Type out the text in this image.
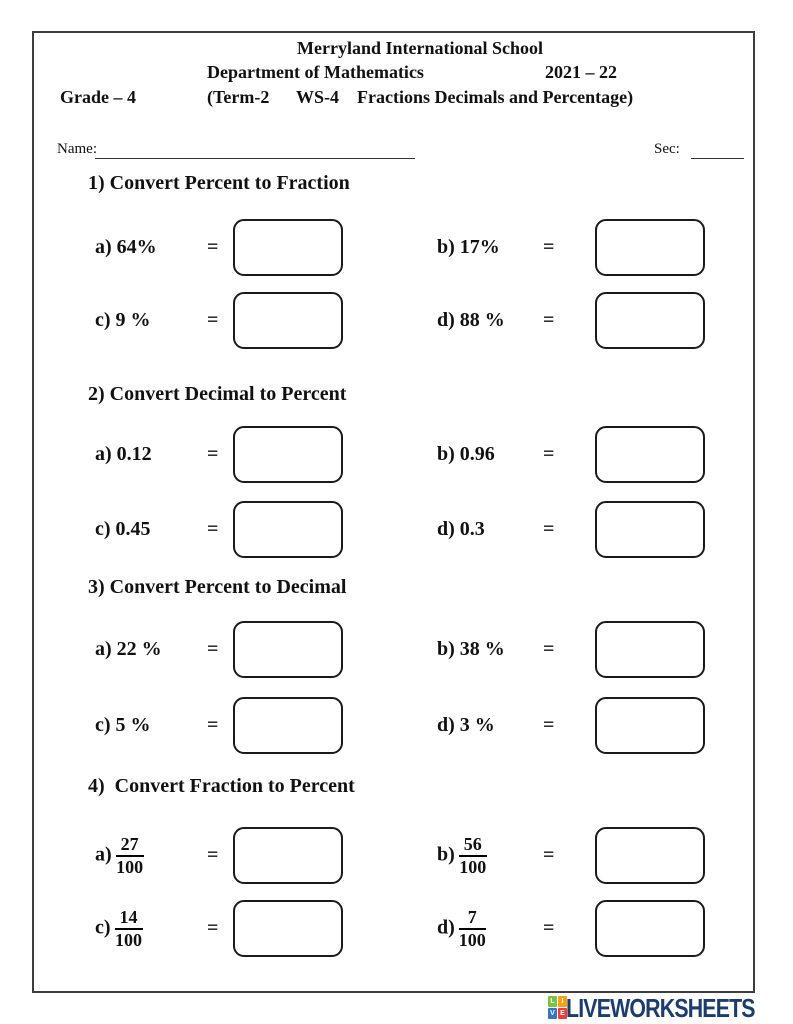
Merryland International School
Department of Mathematics	2021 – 22
Grade – 4	(Term-2      WS-4    Fractions Decimals and Percentage)
Name:	Sec:
1) Convert Percent to Fraction
a) 64%	=	b) 17%	=
c) 9 %	=	d) 88 %	=
2) Convert Decimal to Percent
a) 0.12	=	b) 0.96	=
c) 0.45	=	d) 0.3	=
3) Convert Percent to Decimal
a) 22 %	=	b) 38 %	=
c) 5 %	=	d) 3 %	=
4)  Convert Fraction to Percent
$a) \frac{27}{100}$	=	$b) \frac{56}{100}$	=
$c) \frac{14}{100}$	=	$d) \frac{7}{100}$	=
L I
V E LIVEWORKSHEETS
